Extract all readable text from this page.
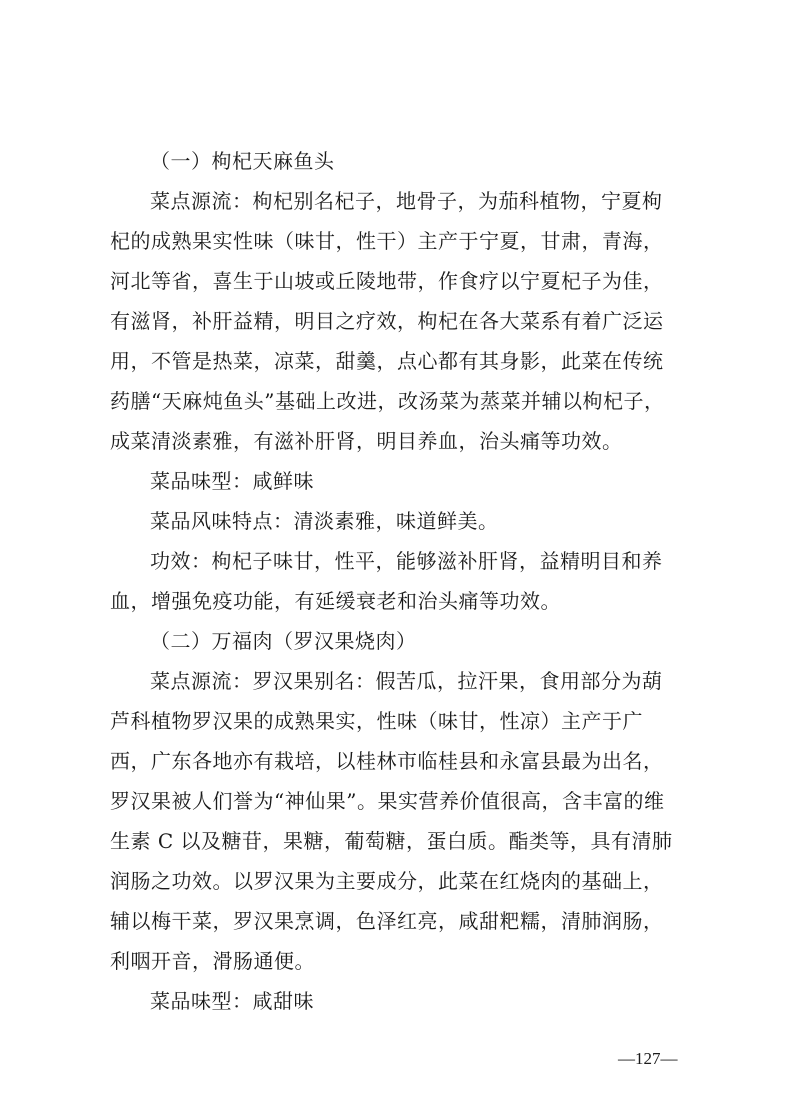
（一）枸杞天麻鱼头
菜点源流：枸杞别名杞子，地骨子，为茄科植物，宁夏枸
杞的成熟果实性味（味甘，性干）主产于宁夏，甘肃，青海，
河北等省，喜生于山坡或丘陵地带，作食疗以宁夏杞子为佳，
有滋肾，补肝益精，明目之疗效，枸杞在各大菜系有着广泛运
用，不管是热菜，凉菜，甜羹，点心都有其身影，此菜在传统
药膳“天麻炖鱼头”基础上改进，改汤菜为蒸菜并辅以枸杞子，
成菜清淡素雅，有滋补肝肾，明目养血，治头痛等功效。
菜品味型：咸鲜味
菜品风味特点：清淡素雅，味道鲜美。
功效：枸杞子味甘，性平，能够滋补肝肾，益精明目和养
血，增强免疫功能，有延缓衰老和治头痛等功效。
（二）万福肉（罗汉果烧肉）
菜点源流：罗汉果别名：假苦瓜，拉汗果，食用部分为葫
芦科植物罗汉果的成熟果实，性味（味甘，性凉）主产于广
西，广东各地亦有栽培，以桂林市临桂县和永富县最为出名，
罗汉果被人们誉为“神仙果”。果实营养价值很高，含丰富的维
生素 C 以及糖苷，果糖，葡萄糖，蛋白质。酯类等，具有清肺
润肠之功效。以罗汉果为主要成分，此菜在红烧肉的基础上，
辅以梅干菜，罗汉果烹调，色泽红亮，咸甜粑糯，清肺润肠，
利咽开音，滑肠通便。
菜品味型：咸甜味
—127—
